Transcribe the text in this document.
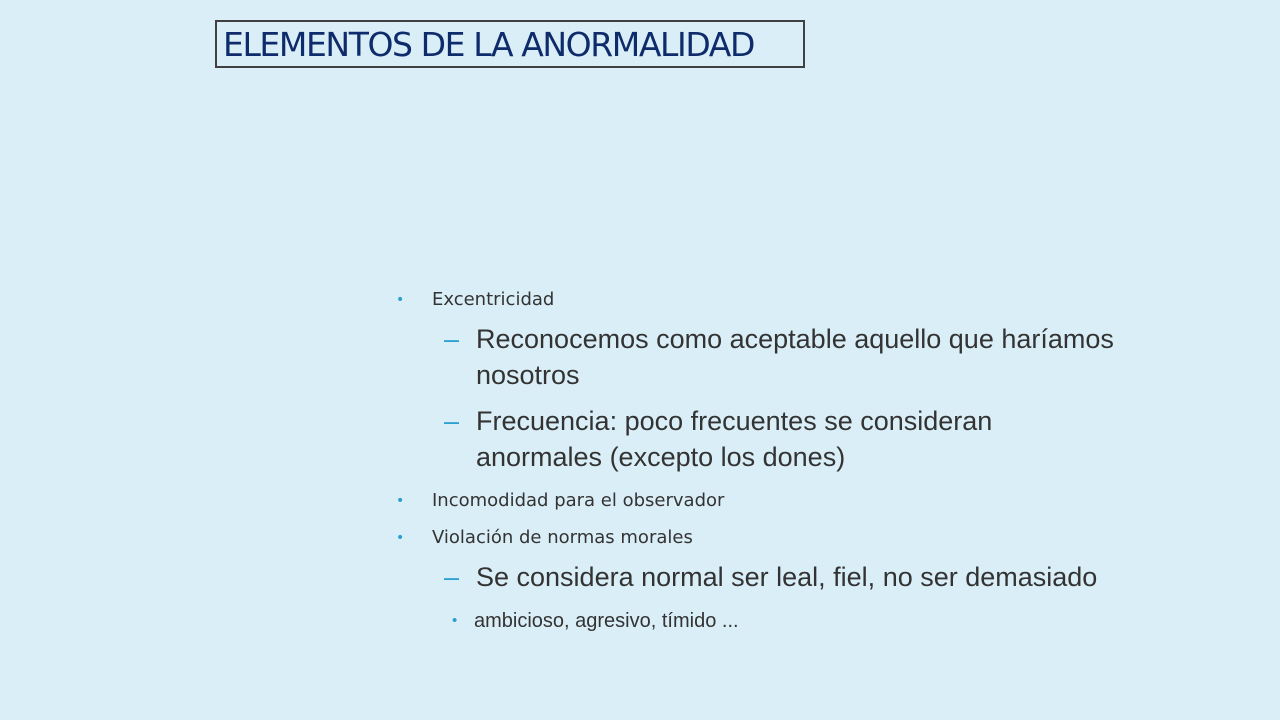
ELEMENTOS DE LA ANORMALIDAD
• Excentricidad
– Reconocemos como aceptable aquello que haríamos nosotros
– Frecuencia: poco frecuentes se consideran anormales (excepto los dones)
• Incomodidad para el observador
• Violación de normas morales
– Se considera normal ser leal, fiel, no ser demasiado
• ambicioso, agresivo, tímido ...
